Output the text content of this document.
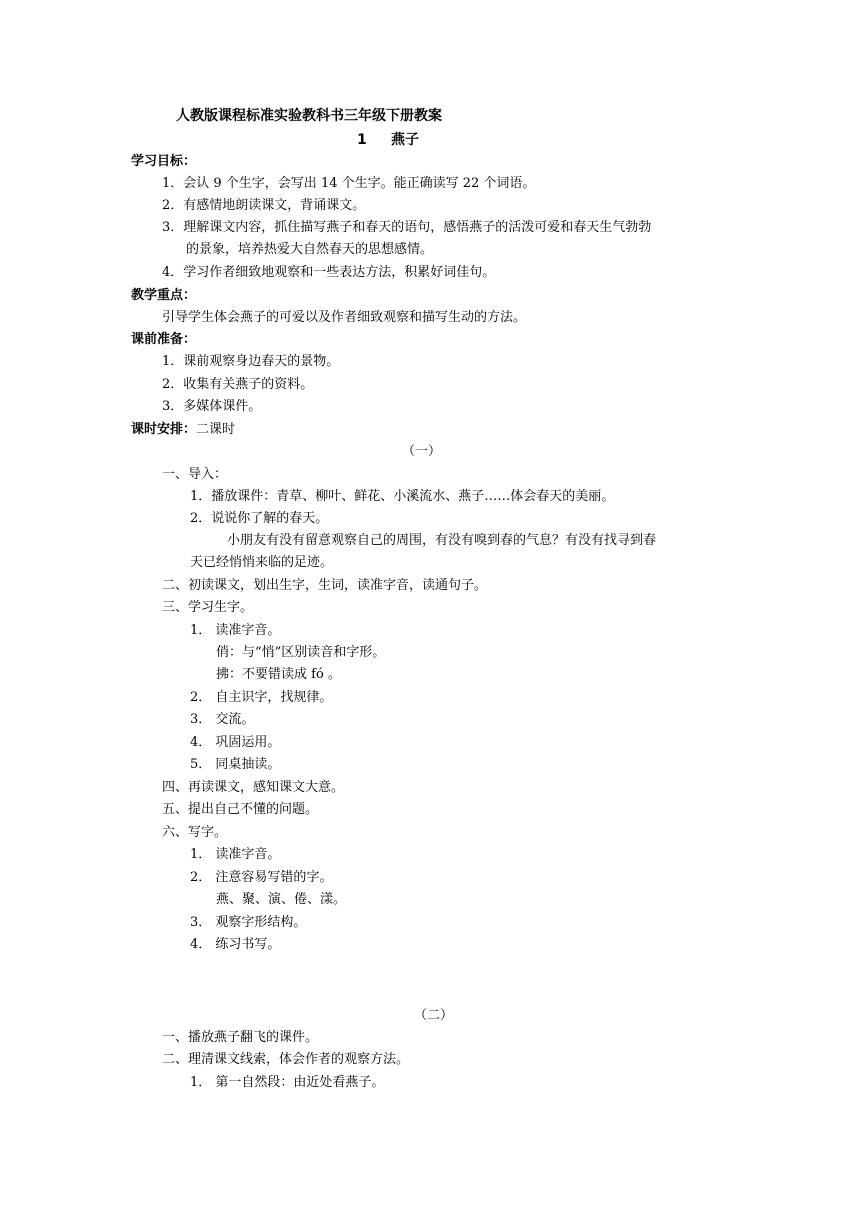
人教版课程标准实验教科书三年级下册教案
1 燕子
学习目标：
1．会认 9 个生字，会写出 14 个生字。能正确读写 22 个词语。
2．有感情地朗读课文，背诵课文。
3．理解课文内容，抓住描写燕子和春天的语句，感悟燕子的活泼可爱和春天生气勃勃
的景象，培养热爱大自然春天的思想感情。
4．学习作者细致地观察和一些表达方法，积累好词佳句。
教学重点：
引导学生体会燕子的可爱以及作者细致观察和描写生动的方法。
课前准备：
1．课前观察身边春天的景物。
2．收集有关燕子的资料。
3．多媒体课件。
课时安排：二课时
（一）
一、导入：
1．播放课件：青草、柳叶、鲜花、小溪流水、燕子……体会春天的美丽。
2．说说你了解的春天。
小朋友有没有留意观察自己的周围，有没有嗅到春的气息？有没有找寻到春
天已经悄悄来临的足迹。
二、初读课文，划出生字，生词，读准字音，读通句子。
三、学习生字。
1． 读准字音。
俏：与“悄”区别读音和字形。
拂：不要错读成 fó 。
2． 自主识字，找规律。
3． 交流。
4． 巩固运用。
5． 同桌抽读。
四、再读课文，感知课文大意。
五、提出自己不懂的问题。
六、写字。
1． 读准字音。
2． 注意容易写错的字。
燕、聚、演、倦、漾。
3． 观察字形结构。
4． 练习书写。
（二）
一、播放燕子翻飞的课件。
二、理清课文线索，体会作者的观察方法。
1． 第一自然段：由近处看燕子。
